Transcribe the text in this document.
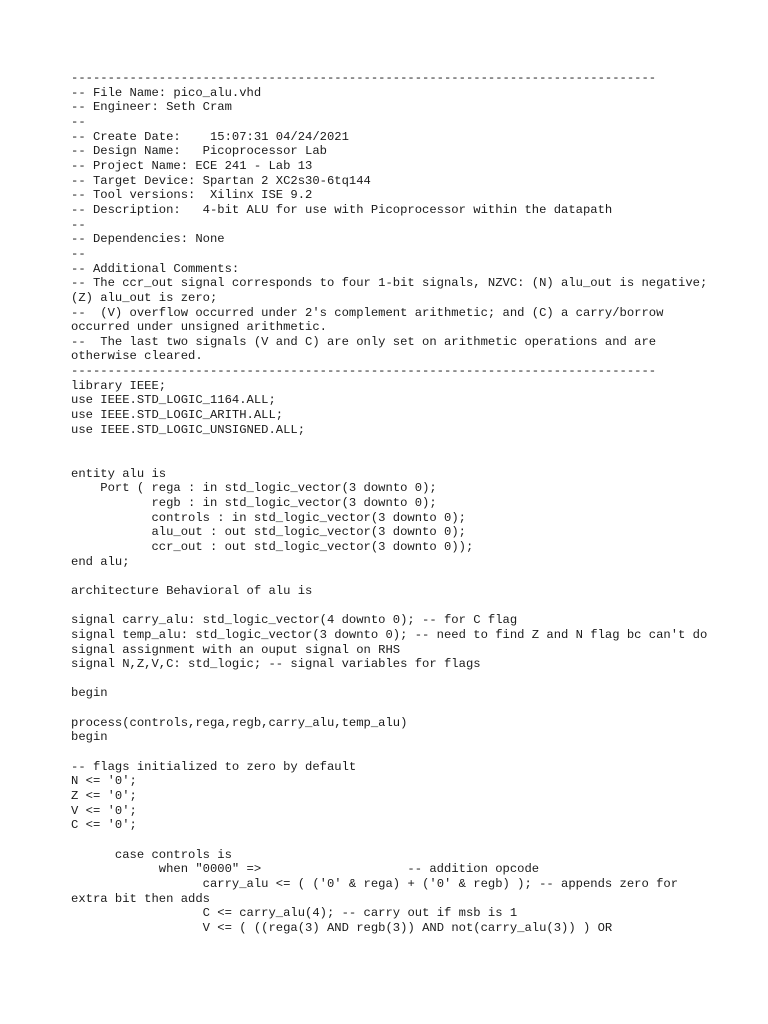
--------------------------------------------------------------------------------
-- File Name: pico_alu.vhd
-- Engineer: Seth Cram
--
-- Create Date:    15:07:31 04/24/2021
-- Design Name:   Picoprocessor Lab
-- Project Name: ECE 241 - Lab 13
-- Target Device: Spartan 2 XC2s30-6tq144
-- Tool versions:  Xilinx ISE 9.2
-- Description:   4-bit ALU for use with Picoprocessor within the datapath
--
-- Dependencies: None
--
-- Additional Comments:
-- The ccr_out signal corresponds to four 1-bit signals, NZVC: (N) alu_out is negative; (Z) alu_out is zero;
--  (V) overflow occurred under 2's complement arithmetic; and (C) a carry/borrow occurred under unsigned arithmetic.
--  The last two signals (V and C) are only set on arithmetic operations and are otherwise cleared.
--------------------------------------------------------------------------------
library IEEE;
use IEEE.STD_LOGIC_1164.ALL;
use IEEE.STD_LOGIC_ARITH.ALL;
use IEEE.STD_LOGIC_UNSIGNED.ALL;
entity alu is
Port ( rega : in std_logic_vector(3 downto 0);
regb : in std_logic_vector(3 downto 0);
controls : in std_logic_vector(3 downto 0);
alu_out : out std_logic_vector(3 downto 0);
ccr_out : out std_logic_vector(3 downto 0));
end alu;
architecture Behavioral of alu is
signal carry_alu: std_logic_vector(4 downto 0); -- for C flag
signal temp_alu: std_logic_vector(3 downto 0); -- need to find Z and N flag bc can't do signal assignment with an ouput signal on RHS
signal N,Z,V,C: std_logic; -- signal variables for flags
begin
process(controls,rega,regb,carry_alu,temp_alu)
begin
-- flags initialized to zero by default
N <= '0';
Z <= '0';
V <= '0';
C <= '0';
case controls is
when "0000" =>                    -- addition opcode
carry_alu <= ( ('0' & rega) + ('0' & regb) ); -- appends zero for extra bit then adds
C <= carry_alu(4); -- carry out if msb is 1
V <= ( ((rega(3) AND regb(3)) AND not(carry_alu(3)) ) OR
